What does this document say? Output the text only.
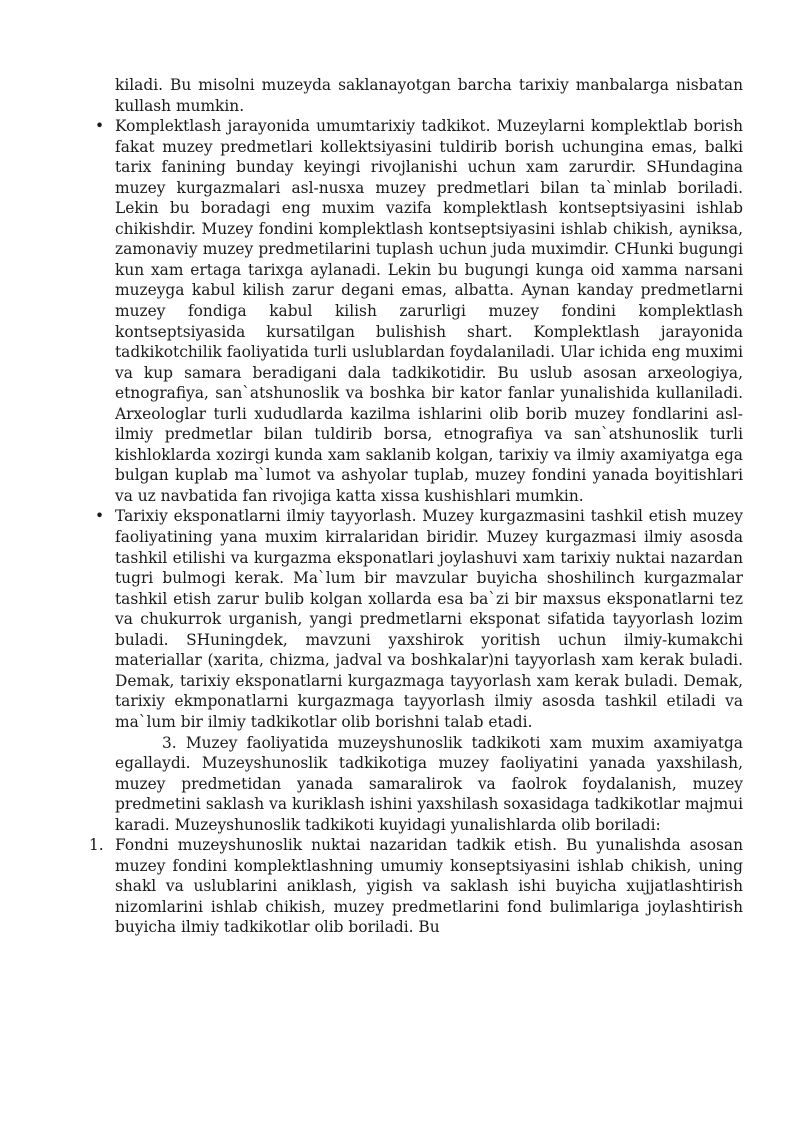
kiladi. Bu misolni muzeyda saklanayotgan barcha tarixiy manbalarga nisbatan kullash mumkin.

• Komplektlash jarayonida umumtarixiy tadkikot. Muzeylarni komplektlab borish fakat muzey predmetlari kollektsiyasini tuldirib borish uchungina emas, balki tarix fanining bunday keyingi rivojlanishi uchun xam zarurdir. SHundagina muzey kurgazmalari asl-nusxa muzey predmetlari bilan ta`minlab boriladi. Lekin bu boradagi eng muxim vazifa komplektlash kontseptsiyasini ishlab chikishdir. Muzey fondini komplektlash kontseptsiyasini ishlab chikish, ayniksa, zamonaviy muzey predmetilarini tuplash uchun juda muximdir. CHunki bugungi kun xam ertaga tarixga aylanadi. Lekin bu bugungi kunga oid xamma narsani muzeyga kabul kilish zarur degani emas, albatta. Aynan kanday predmetlarni muzey fondiga kabul kilish zarurligi muzey fondini komplektlash kontseptsiyasida kursatilgan bulishish shart. Komplektlash jarayonida tadkikotchilik faoliyatida turli uslublardan foydalaniladi. Ular ichida eng muximi va kup samara beradigani dala tadkikotidir. Bu uslub asosan arxeologiya, etnografiya, san`atshunoslik va boshka bir kator fanlar yunalishida kullaniladi. Arxeologlar turli xududlarda kazilma ishlarini olib borib muzey fondlarini asl-ilmiy predmetlar bilan tuldirib borsa, etnografiya va san`atshunoslik turli kishloklarda xozirgi kunda xam saklanib kolgan, tarixiy va ilmiy axamiyatga ega bulgan kuplab ma`lumot va ashyolar tuplab, muzey fondini yanada boyitishlari va uz navbatida fan rivojiga katta xissa kushishlari mumkin.

• Tarixiy eksponatlarni ilmiy tayyorlash. Muzey kurgazmasini tashkil etish muzey faoliyatining yana muxim kirralaridan biridir. Muzey kurgazmasi ilmiy asosda tashkil etilishi va kurgazma eksponatlari joylashuvi xam tarixiy nuktai nazardan tugri bulmogi kerak. Ma`lum bir mavzular buyicha shoshilinch kurgazmalar tashkil etish zarur bulib kolgan xollarda esa ba`zi bir maxsus eksponatlarni tez va chukurrok urganish, yangi predmetlarni eksponat sifatida tayyorlash lozim buladi. SHuningdek, mavzuni yaxshirok yoritish uchun ilmiy-kumakchi materiallar (xarita, chizma, jadval va boshkalar)ni tayyorlash xam kerak buladi. Demak, tarixiy eksponatlarni kurgazmaga tayyorlash xam kerak buladi. Demak, tarixiy ekmponatlarni kurgazmaga tayyorlash ilmiy asosda tashkil etiladi va ma`lum bir ilmiy tadkikotlar olib borishni talab etadi.

3. Muzey faoliyatida muzeyshunoslik tadkikoti xam muxim axamiyatga egallaydi. Muzeyshunoslik tadkikotiga muzey faoliyatini yanada yaxshilash, muzey predmetidan yanada samaralirok va faolrok foydalanish, muzey predmetini saklash va kuriklash ishini yaxshilash soxasidaga tadkikotlar majmui karadi. Muzeyshunoslik tadkikoti kuyidagi yunalishlarda olib boriladi:

1. Fondni muzeyshunoslik nuktai nazaridan tadkik etish. Bu yunalishda asosan muzey fondini komplektlashning umumiy konseptsiyasini ishlab chikish, uning shakl va uslublarini aniklash, yigish va saklash ishi buyicha xujjatlashtirish nizomlarini ishlab chikish, muzey predmetlarini fond bulimlariga joylashtirish buyicha ilmiy tadkikotlar olib boriladi. Bu
